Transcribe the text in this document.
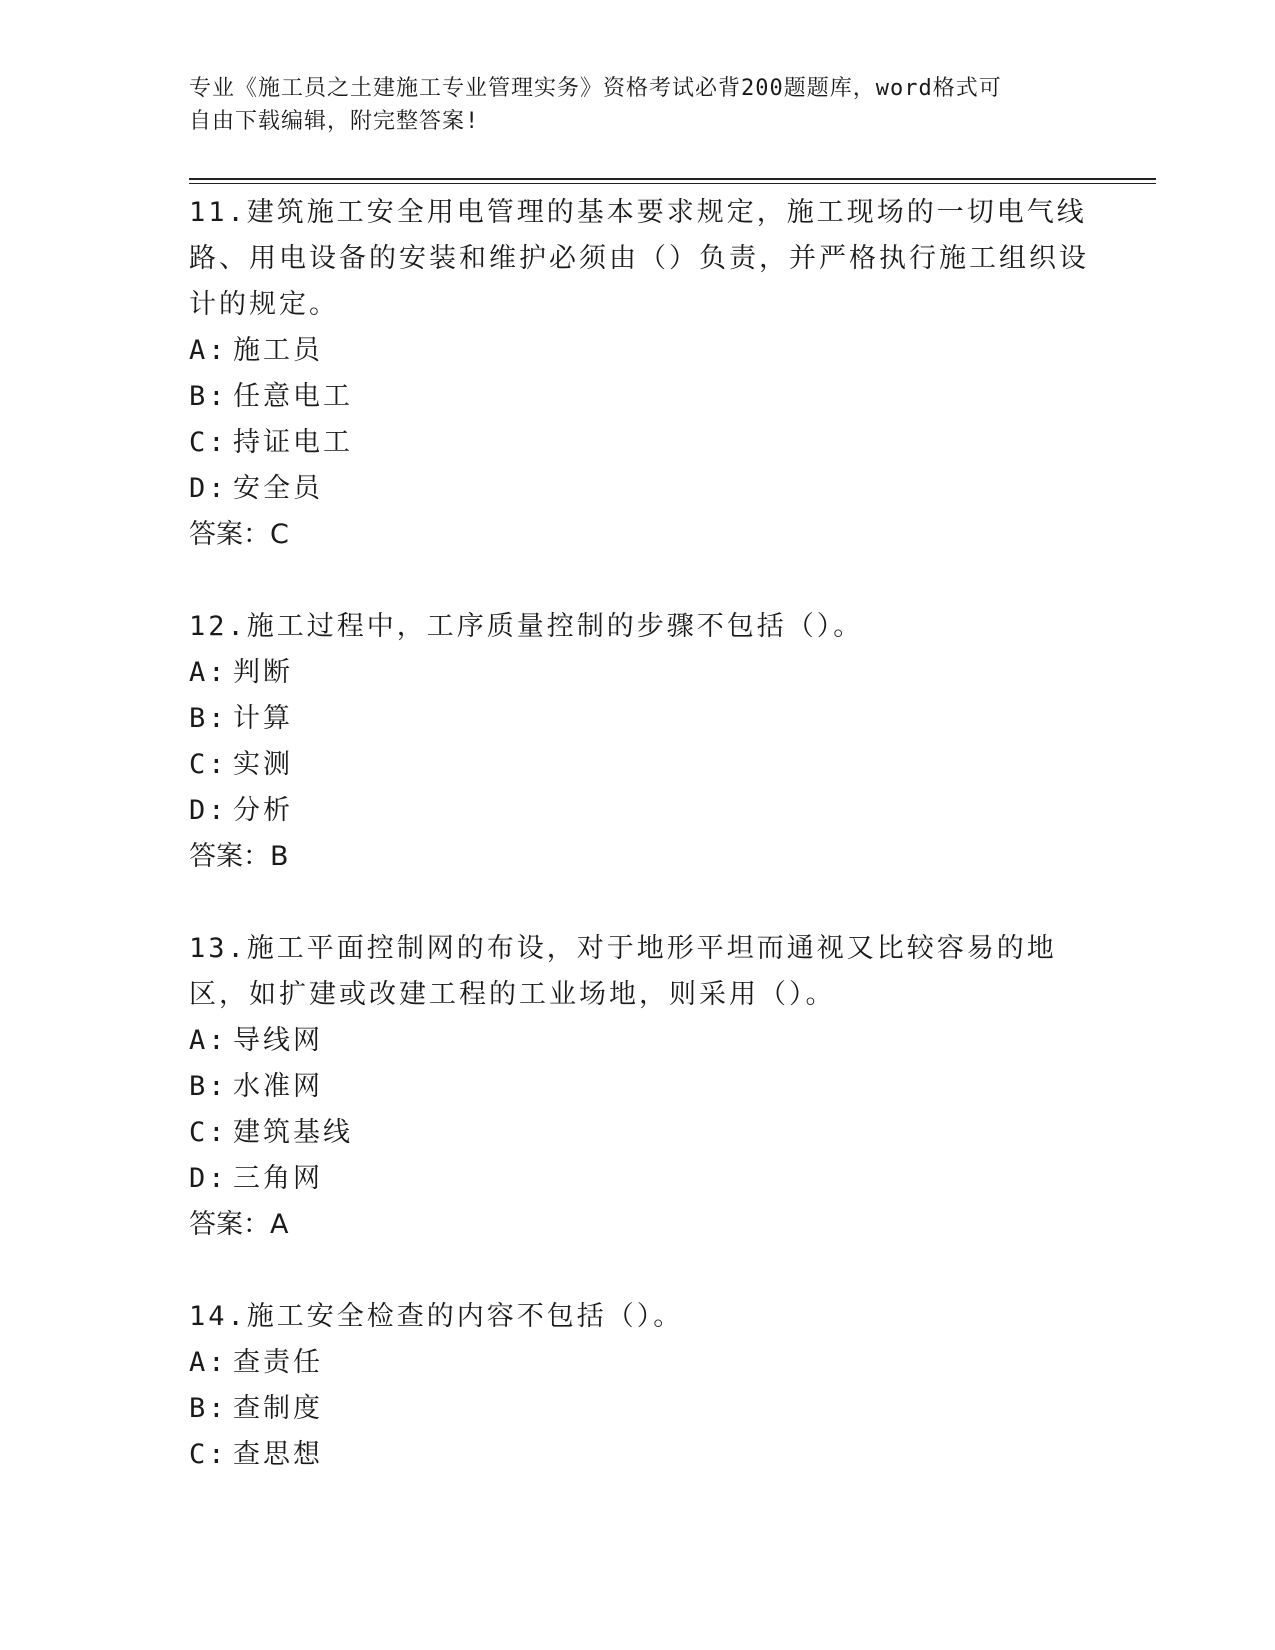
专业《施工员之土建施工专业管理实务》资格考试必背200题题库，word格式可
自由下载编辑，附完整答案!

11.建筑施工安全用电管理的基本要求规定，施工现场的一切电气线路、用电设备的安装和维护必须由（）负责，并严格执行施工组织设计的规定。

A: 施工员

B: 任意电工

C: 持证电工

D: 安全员

答案：C

12.施工过程中，工序质量控制的步骤不包括（）。

A: 判断

B: 计算

C: 实测

D: 分析

答案：B

13.施工平面控制网的布设，对于地形平坦而通视又比较容易的地区，如扩建或改建工程的工业场地，则采用（）。

A: 导线网

B: 水准网

C: 建筑基线

D: 三角网

答案：A

14.施工安全检查的内容不包括（）。

A: 查责任

B: 查制度

C: 查思想
